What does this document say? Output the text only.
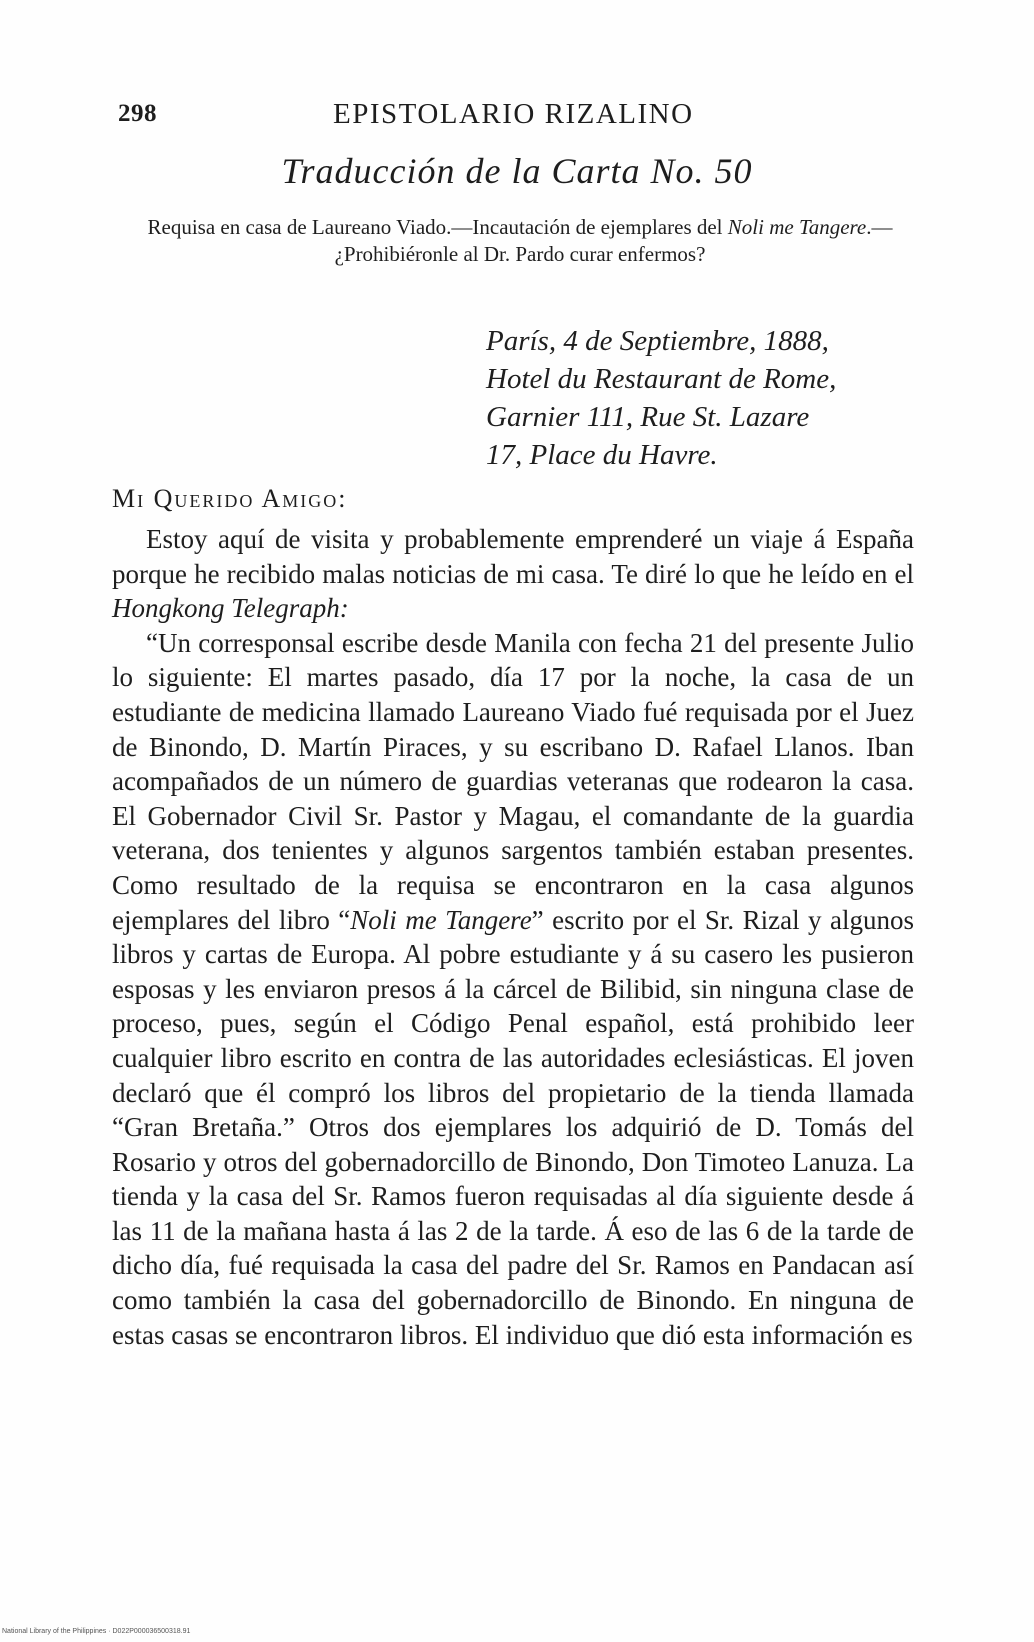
298	EPISTOLARIO RIZALINO
Traducción de la Carta No. 50
Requisa en casa de Laureano Viado.—Incautación de ejemplares del Noli me Tangere.—¿Prohibiéronle al Dr. Pardo curar enfermos?
París, 4 de Septiembre, 1888,
Hotel du Restaurant de Rome,
Garnier 111, Rue St. Lazare
17, Place du Havre.
Mi Querido Amigo:

Estoy aquí de visita y probablemente emprenderé un viaje á España porque he recibido malas noticias de mi casa. Te diré lo que he leído en el Hongkong Telegraph:

“Un corresponsal escribe desde Manila con fecha 21 del presente Julio lo siguiente: El martes pasado, día 17 por la noche, la casa de un estudiante de medicina llamado Laureano Viado fué requisada por el Juez de Binondo, D. Martín Piraces, y su escribano D. Rafael Llanos. Iban acompañados de un número de guardias veteranas que rodearon la casa. El Gobernador Civil Sr. Pastor y Magau, el comandante de la guardia veterana, dos tenientes y algunos sargentos también estaban presentes. Como resultado de la requisa se encontraron en la casa algunos ejemplares del libro “Noli me Tangere” escrito por el Sr. Rizal y algunos libros y cartas de Europa. Al pobre estudiante y á su casero les pusieron esposas y les enviaron presos á la cárcel de Bilibid, sin ninguna clase de proceso, pues, según el Código Penal español, está prohibido leer cualquier libro escrito en contra de las autoridades eclesiásticas. El joven declaró que él compró los libros del propietario de la tienda llamada “Gran Bretaña.” Otros dos ejemplares los adquirió de D. Tomás del Rosario y otros del gobernadorcillo de Binondo, Don Timoteo Lanuza. La tienda y la casa del Sr. Ramos fueron requisadas al día siguiente desde á las 11 de la mañana hasta á las 2 de la tarde. Á eso de las 6 de la tarde de dicho día, fué requisada la casa del padre del Sr. Ramos en Pandacan así como también la casa del gobernadorcillo de Binondo. En ninguna de estas casas se encontraron libros. El individuo que dió esta información es

National Library of the Philippines · D022P000036500318.91
